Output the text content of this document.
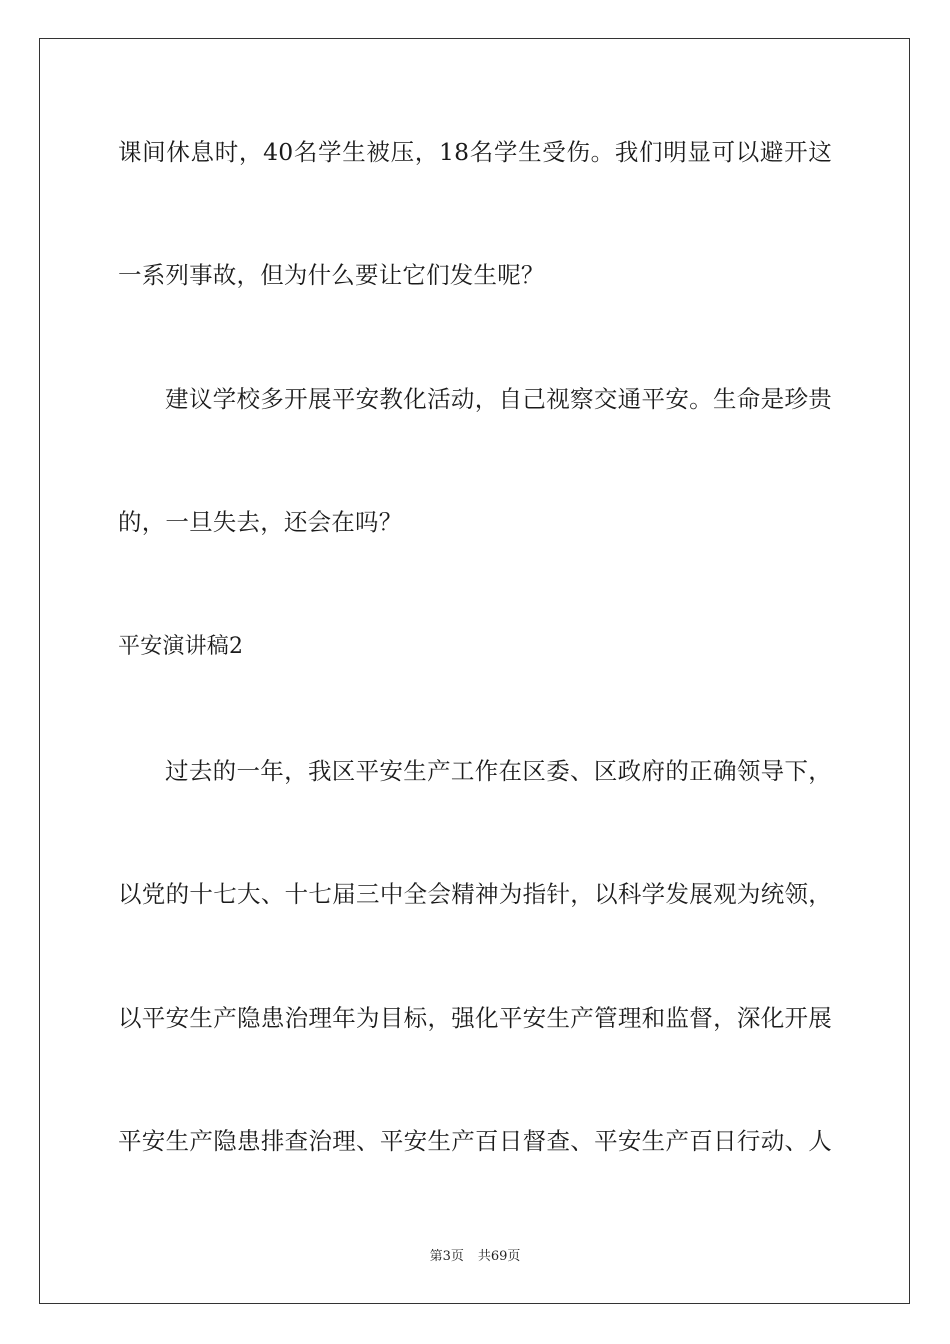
课间休息时，40名学生被压，18名学生受伤。我们明显可以避开这
一系列事故，但为什么要让它们发生呢？
建议学校多开展平安教化活动，自己视察交通平安。生命是珍贵
的，一旦失去，还会在吗？
平安演讲稿2
过去的一年，我区平安生产工作在区委、区政府的正确领导下，
以党的十七大、十七届三中全会精神为指针，以科学发展观为统领，
以平安生产隐患治理年为目标，强化平安生产管理和监督，深化开展
平安生产隐患排查治理、平安生产百日督查、平安生产百日行动、人
第3页 共69页
